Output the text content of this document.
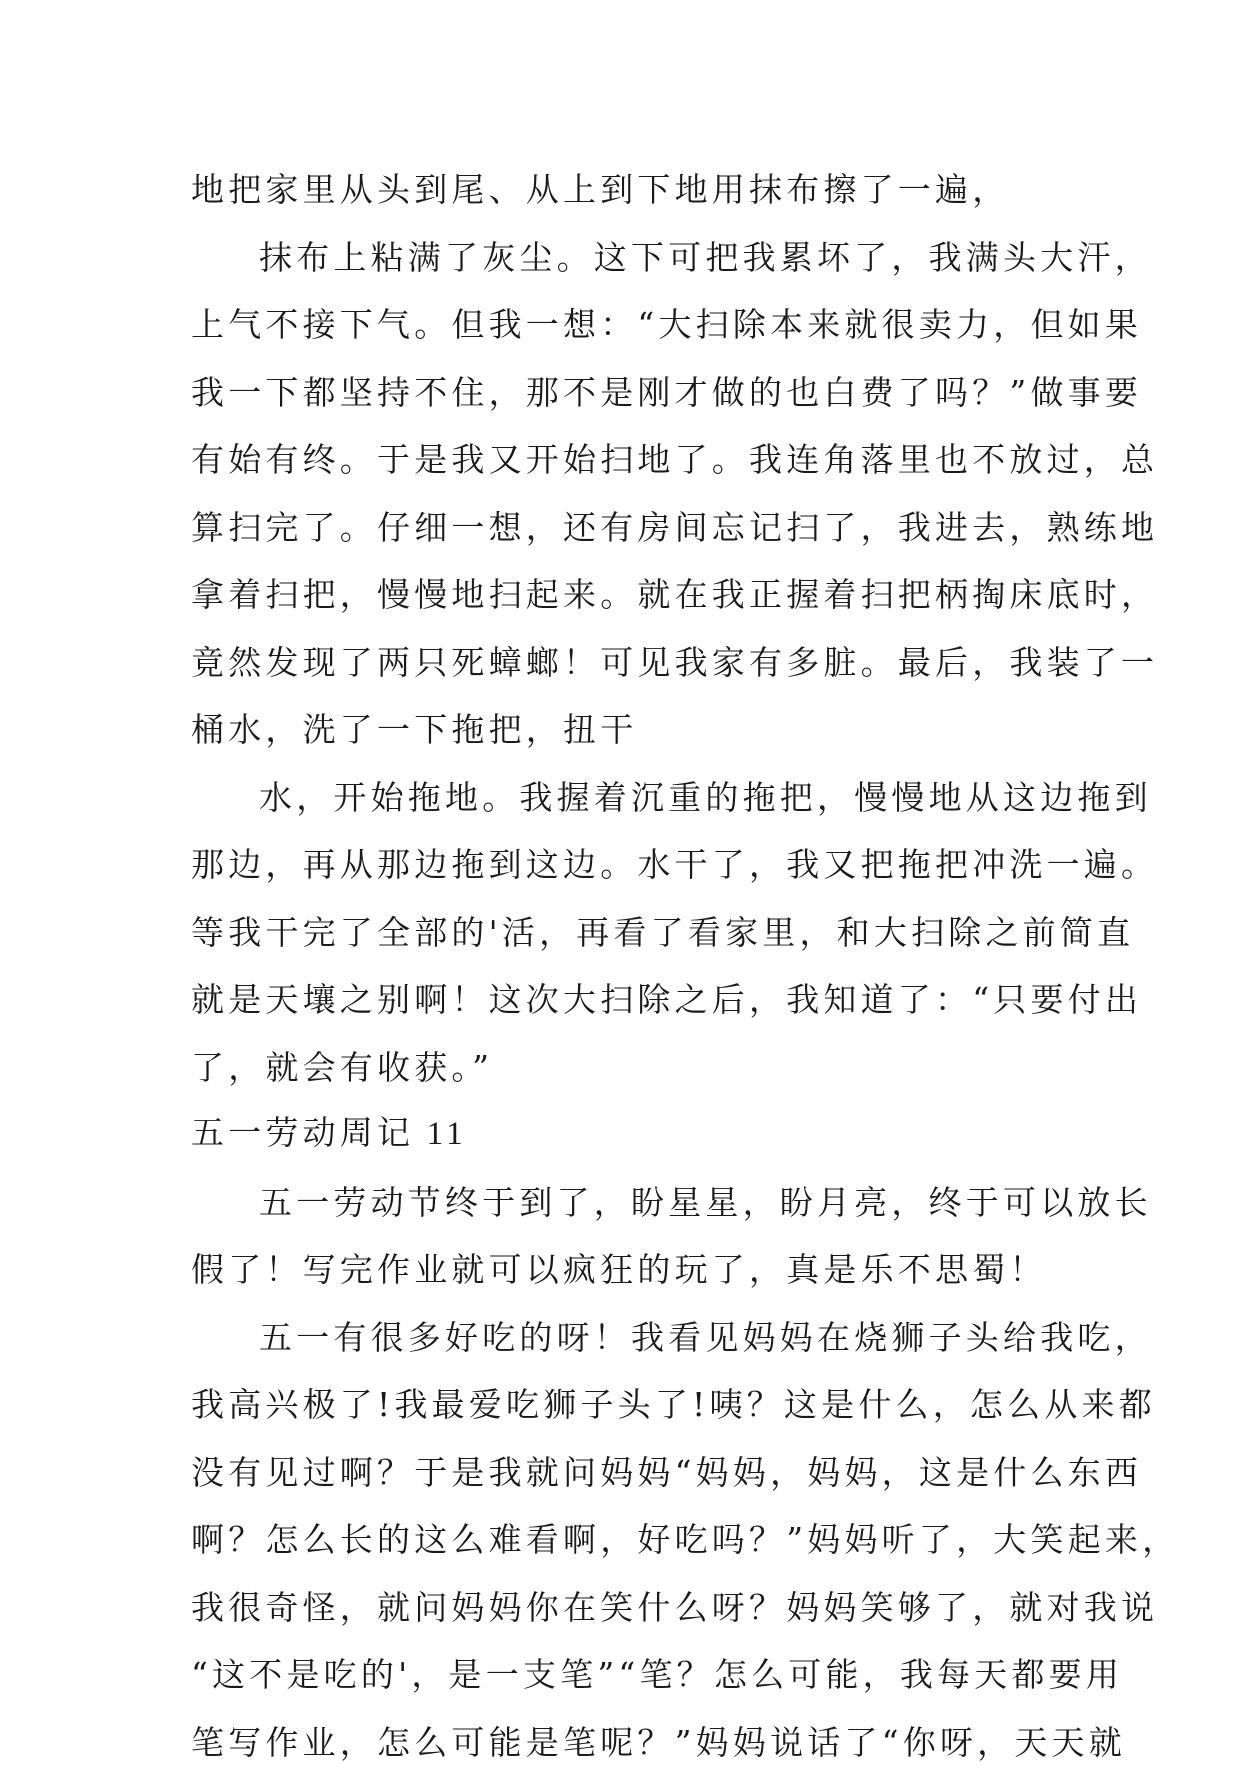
地把家里从头到尾、从上到下地用抹布擦了一遍，
抹布上粘满了灰尘。这下可把我累坏了，我满头大汗，
上气不接下气。但我一想：“大扫除本来就很卖力，但如果
我一下都坚持不住，那不是刚才做的也白费了吗？”做事要
有始有终。于是我又开始扫地了。我连角落里也不放过，总
算扫完了。仔细一想，还有房间忘记扫了，我进去，熟练地
拿着扫把，慢慢地扫起来。就在我正握着扫把柄掏床底时，
竟然发现了两只死蟑螂！可见我家有多脏。最后，我装了一
桶水，洗了一下拖把，扭干
水，开始拖地。我握着沉重的拖把，慢慢地从这边拖到
那边，再从那边拖到这边。水干了，我又把拖把冲洗一遍。
等我干完了全部的'活，再看了看家里，和大扫除之前简直
就是天壤之别啊！这次大扫除之后，我知道了：“只要付出
了，就会有收获。”
五一劳动周记 11
五一劳动节终于到了，盼星星，盼月亮，终于可以放长
假了！写完作业就可以疯狂的玩了，真是乐不思蜀！
五一有很多好吃的呀！我看见妈妈在烧狮子头给我吃，
我高兴极了!我最爱吃狮子头了!咦？这是什么，怎么从来都
没有见过啊？于是我就问妈妈“妈妈，妈妈，这是什么东西
啊？怎么长的这么难看啊，好吃吗？”妈妈听了，大笑起来，
我很奇怪，就问妈妈你在笑什么呀？妈妈笑够了，就对我说
“这不是吃的'，是一支笔”“笔？怎么可能，我每天都要用
笔写作业，怎么可能是笔呢？”妈妈说话了“你呀，天天就
